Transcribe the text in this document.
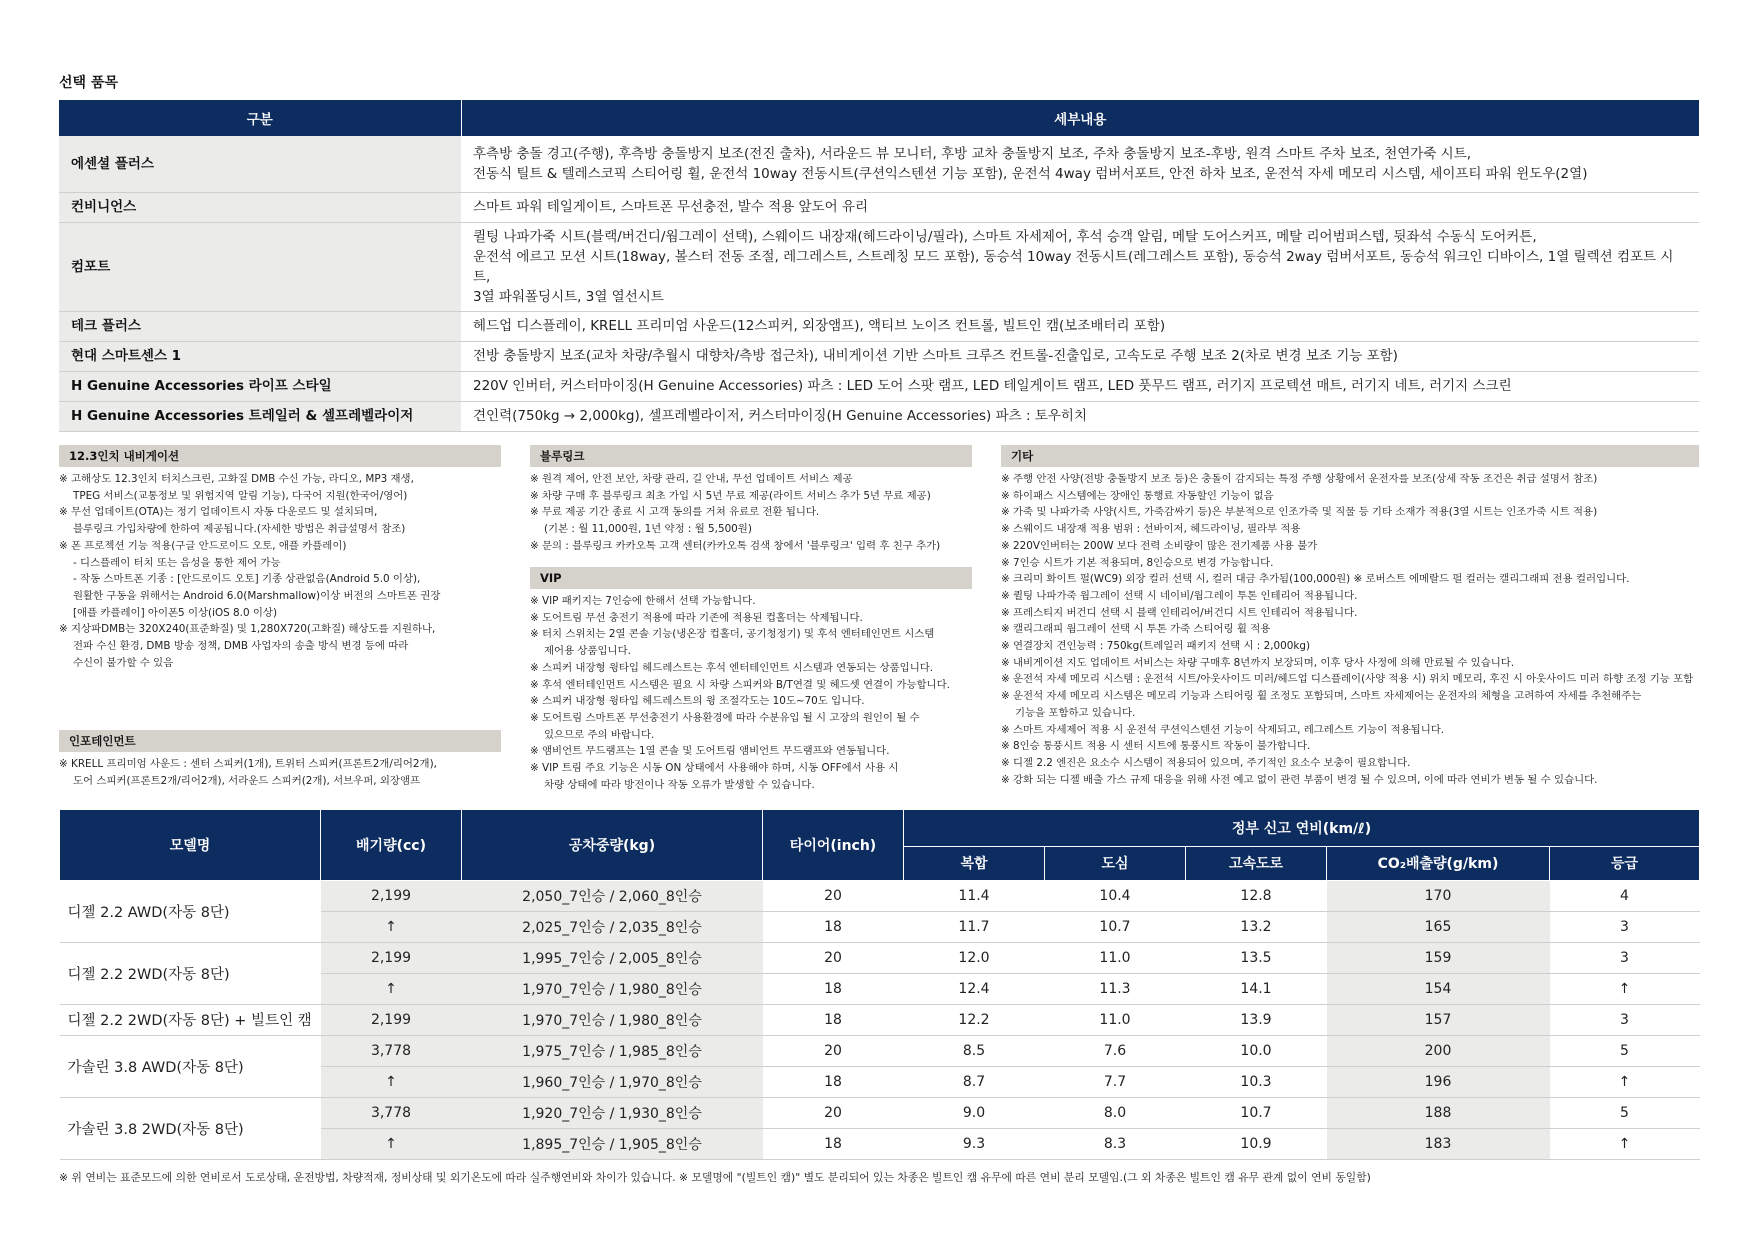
선택 품목
구분	세부내용
에센셜 플러스	후측방 충돌 경고(주행), 후측방 충돌방지 보조(전진 출차), 서라운드 뷰 모니터, 후방 교차 충돌방지 보조, 주차 충돌방지 보조-후방, 원격 스마트 주차 보조, 천연가죽 시트,
전동식 틸트 & 텔레스코픽 스티어링 휠, 운전석 10way 전동시트(쿠션익스텐션 기능 포함), 운전석 4way 럼버서포트, 안전 하차 보조, 운전석 자세 메모리 시스템, 세이프티 파워 윈도우(2열)
컨비니언스	스마트 파워 테일게이트, 스마트폰 무선충전, 발수 적용 앞도어 유리
컴포트	퀼팅 나파가죽 시트(블랙/버건디/웜그레이 선택), 스웨이드 내장재(헤드라이닝/필라), 스마트 자세제어, 후석 승객 알림, 메탈 도어스커프, 메탈 리어범퍼스텝, 뒷좌석 수동식 도어커튼,
운전석 에르고 모션 시트(18way, 볼스터 전동 조절, 레그레스트, 스트레칭 모드 포함), 동승석 10way 전동시트(레그레스트 포함), 동승석 2way 럼버서포트, 동승석 워크인 디바이스, 1열 릴렉션 컴포트 시트,
3열 파워폴딩시트, 3열 열선시트
테크 플러스	헤드업 디스플레이, KRELL 프리미엄 사운드(12스피커, 외장앰프), 액티브 노이즈 컨트롤, 빌트인 캠(보조배터리 포함)
현대 스마트센스 1	전방 충돌방지 보조(교차 차량/추월시 대향차/측방 접근차), 내비게이션 기반 스마트 크루즈 컨트롤-진출입로, 고속도로 주행 보조 2(차로 변경 보조 기능 포함)
H Genuine Accessories 라이프 스타일	220V 인버터, 커스터마이징(H Genuine Accessories) 파츠 : LED 도어 스팟 램프, LED 테일게이트 램프, LED 풋무드 램프, 러기지 프로텍션 매트, 러기지 네트, 러기지 스크린
H Genuine Accessories 트레일러 & 셀프레벨라이저	견인력(750kg → 2,000kg), 셀프레벨라이저, 커스터마이징(H Genuine Accessories) 파츠 : 토우히치
12.3인치 내비게이션
※ 고해상도 12.3인치 터치스크린, 고화질 DMB 수신 가능, 라디오, MP3 재생,
TPEG 서비스(교통정보 및 위험지역 알림 기능), 다국어 지원(한국어/영어)
※ 무선 업데이트(OTA)는 정기 업데이트시 자동 다운로드 및 설치되며,
블루링크 가입차량에 한하여 제공됩니다.(자세한 방법은 취급설명서 참조)
※ 폰 프로젝션 기능 적용(구글 안드로이드 오토, 애플 카플레이)
- 디스플레이 터치 또는 음성을 통한 제어 가능
- 작동 스마트폰 기종 : [안드로이드 오토] 기종 상관없음(Android 5.0 이상),
원활한 구동을 위해서는 Android 6.0(Marshmallow)이상 버전의 스마트폰 권장
[애플 카플레이] 아이폰5 이상(iOS 8.0 이상)
※ 지상파DMB는 320X240(표준화질) 및 1,280X720(고화질) 해상도를 지원하나,
전파 수신 환경, DMB 방송 정책, DMB 사업자의 송출 방식 변경 등에 따라
수신이 불가할 수 있음
인포테인먼트
※ KRELL 프리미엄 사운드 : 센터 스피커(1개), 트위터 스피커(프론트2개/리어2개),
도어 스피커(프론트2개/리어2개), 서라운드 스피커(2개), 서브우퍼, 외장앰프
블루링크
※ 원격 제어, 안전 보안, 차량 관리, 길 안내, 무선 업데이트 서비스 제공
※ 차량 구매 후 블루링크 최초 가입 시 5년 무료 제공(라이트 서비스 추가 5년 무료 제공)
※ 무료 제공 기간 종료 시 고객 동의를 거쳐 유료로 전환 됩니다.
(기본 : 월 11,000원, 1년 약정 : 월 5,500원)
※ 문의 : 블루링크 카카오톡 고객 센터(카카오톡 검색 창에서 '블루링크' 입력 후 친구 추가)
VIP
※ VIP 패키지는 7인승에 한해서 선택 가능합니다.
※ 도어트림 무선 충전기 적용에 따라 기존에 적용된 컵홀더는 삭제됩니다.
※ 터치 스위치는 2열 콘솔 기능(냉온장 컵홀더, 공기청정기) 및 후석 엔터테인먼트 시스템
제어용 상품입니다.
※ 스피커 내장형 윙타입 헤드레스트는 후석 엔터테인먼트 시스템과 연동되는 상품입니다.
※ 후석 엔터테인먼트 시스템은 필요 시 차량 스피커와 B/T연결 및 헤드셋 연결이 가능합니다.
※ 스피커 내장형 윙타입 헤드레스트의 윙 조절각도는 10도~70도 입니다.
※ 도어트림 스마트폰 무선충전기 사용환경에 따라 수분유입 될 시 고장의 원인이 될 수
있으므로 주의 바랍니다.
※ 앰비언트 무드램프는 1열 콘솔 및 도어트림 앰비언트 무드램프와 연동됩니다.
※ VIP 트림 주요 기능은 시동 ON 상태에서 사용해야 하며, 시동 OFF에서 사용 시
차량 상태에 따라 방전이나 작동 오류가 발생할 수 있습니다.
기타
※ 주행 안전 사양(전방 충돌방지 보조 등)은 충돌이 감지되는 특정 주행 상황에서 운전자를 보조(상세 작동 조건은 취급 설명서 참조)
※ 하이패스 시스템에는 장애인 통행료 자동할인 기능이 없음
※ 가죽 및 나파가죽 사양(시트, 가죽감싸기 등)은 부분적으로 인조가죽 및 직물 등 기타 소재가 적용(3열 시트는 인조가죽 시트 적용)
※ 스웨이드 내장재 적용 범위 : 선바이저, 헤드라이닝, 필라부 적용
※ 220V인버터는 200W 보다 전력 소비량이 많은 전기제품 사용 불가
※ 7인승 시트가 기본 적용되며, 8인승으로 변경 가능합니다.
※ 크리미 화이트 펄(WC9) 외장 컬러 선택 시, 컬러 대금 추가됨(100,000원) ※ 로버스트 에메랄드 펄 컬러는 캘리그래피 전용 컬러입니다.
※ 퀼팅 나파가죽 웜그레이 선택 시 네이비/웜그레이 투톤 인테리어 적용됩니다.
※ 프레스티지 버건디 선택 시 블랙 인테리어/버건디 시트 인테리어 적용됩니다.
※ 캘리그래피 웜그레이 선택 시 투톤 가죽 스티어링 휠 적용
※ 연결장치 견인능력 : 750kg(트레일러 패키지 선택 시 : 2,000kg)
※ 내비게이션 지도 업데이트 서비스는 차량 구매후 8년까지 보장되며, 이후 당사 사정에 의해 만료될 수 있습니다.
※ 운전석 자세 메모리 시스템 : 운전석 시트/아웃사이드 미러/헤드업 디스플레이(사양 적용 시) 위치 메모리, 후진 시 아웃사이드 미러 하향 조정 기능 포함
※ 운전석 자세 메모리 시스템은 메모리 기능과 스티어링 휠 조정도 포함되며, 스마트 자세제어는 운전자의 체형을 고려하여 자세를 추천해주는
기능을 포함하고 있습니다.
※ 스마트 자세제어 적용 시 운전석 쿠션익스텐션 기능이 삭제되고, 레그레스트 기능이 적용됩니다.
※ 8인승 통풍시트 적용 시 센터 시트에 통풍시트 작동이 불가합니다.
※ 디젤 2.2 엔진은 요소수 시스템이 적용되어 있으며, 주기적인 요소수 보충이 필요합니다.
※ 강화 되는 디젤 배출 가스 규제 대응을 위해 사전 예고 없이 관련 부품이 변경 될 수 있으며, 이에 따라 연비가 변동 될 수 있습니다.
모델명	배기량(cc)	공차중량(kg)	타이어(inch)	정부 신고 연비(km/ℓ)				
				복합	도심	고속도로	CO₂배출량(g/km)	등급
디젤 2.2 AWD(자동 8단)	2,199	2,050_7인승 / 2,060_8인승	20	11.4	10.4	12.8	170	4
	↑	2,025_7인승 / 2,035_8인승	18	11.7	10.7	13.2	165	3
디젤 2.2 2WD(자동 8단)	2,199	1,995_7인승 / 2,005_8인승	20	12.0	11.0	13.5	159	3
	↑	1,970_7인승 / 1,980_8인승	18	12.4	11.3	14.1	154	↑
디젤 2.2 2WD(자동 8단) + 빌트인 캠	2,199	1,970_7인승 / 1,980_8인승	18	12.2	11.0	13.9	157	3
가솔린 3.8 AWD(자동 8단)	3,778	1,975_7인승 / 1,985_8인승	20	8.5	7.6	10.0	200	5
	↑	1,960_7인승 / 1,970_8인승	18	8.7	7.7	10.3	196	↑
가솔린 3.8 2WD(자동 8단)	3,778	1,920_7인승 / 1,930_8인승	20	9.0	8.0	10.7	188	5
	↑	1,895_7인승 / 1,905_8인승	18	9.3	8.3	10.9	183	↑
※ 위 연비는 표준모드에 의한 연비로서 도로상태, 운전방법, 차량적재, 정비상태 및 외기온도에 따라 실주행연비와 차이가 있습니다. ※ 모델명에 "(빌트인 캠)" 별도 분리되어 있는 차종은 빌트인 캠 유무에 따른 연비 분리 모델임.(그 외 차종은 빌트인 캠 유무 관계 없이 연비 동일함)
